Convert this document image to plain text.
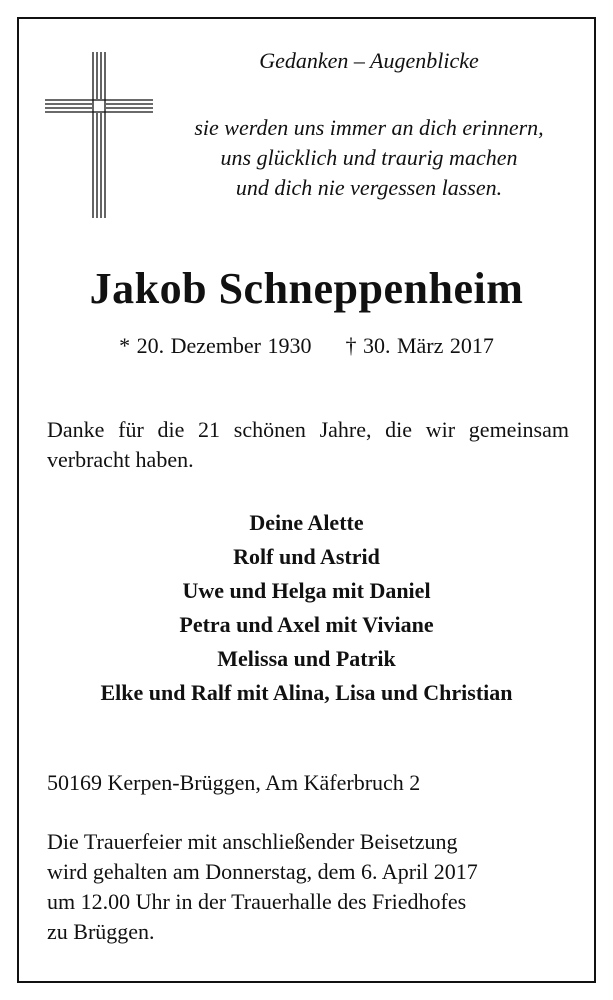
Gedanken – Augenblicke

sie werden uns immer an dich erinnern,
uns glücklich und traurig machen
und dich nie vergessen lassen.

Jakob Schneppenheim
* 20. Dezember 1930 † 30. März 2017

Danke für die 21 schönen Jahre, die wir gemeinsam verbracht haben.

Deine Alette
Rolf und Astrid
Uwe und Helga mit Daniel
Petra und Axel mit Viviane
Melissa und Patrik
Elke und Ralf mit Alina, Lisa und Christian
50169 Kerpen-Brüggen, Am Käferbruch 2

Die Trauerfeier mit anschließender Beisetzung
wird gehalten am Donnerstag, dem 6. April 2017
um 12.00 Uhr in der Trauerhalle des Friedhofes
zu Brüggen.
